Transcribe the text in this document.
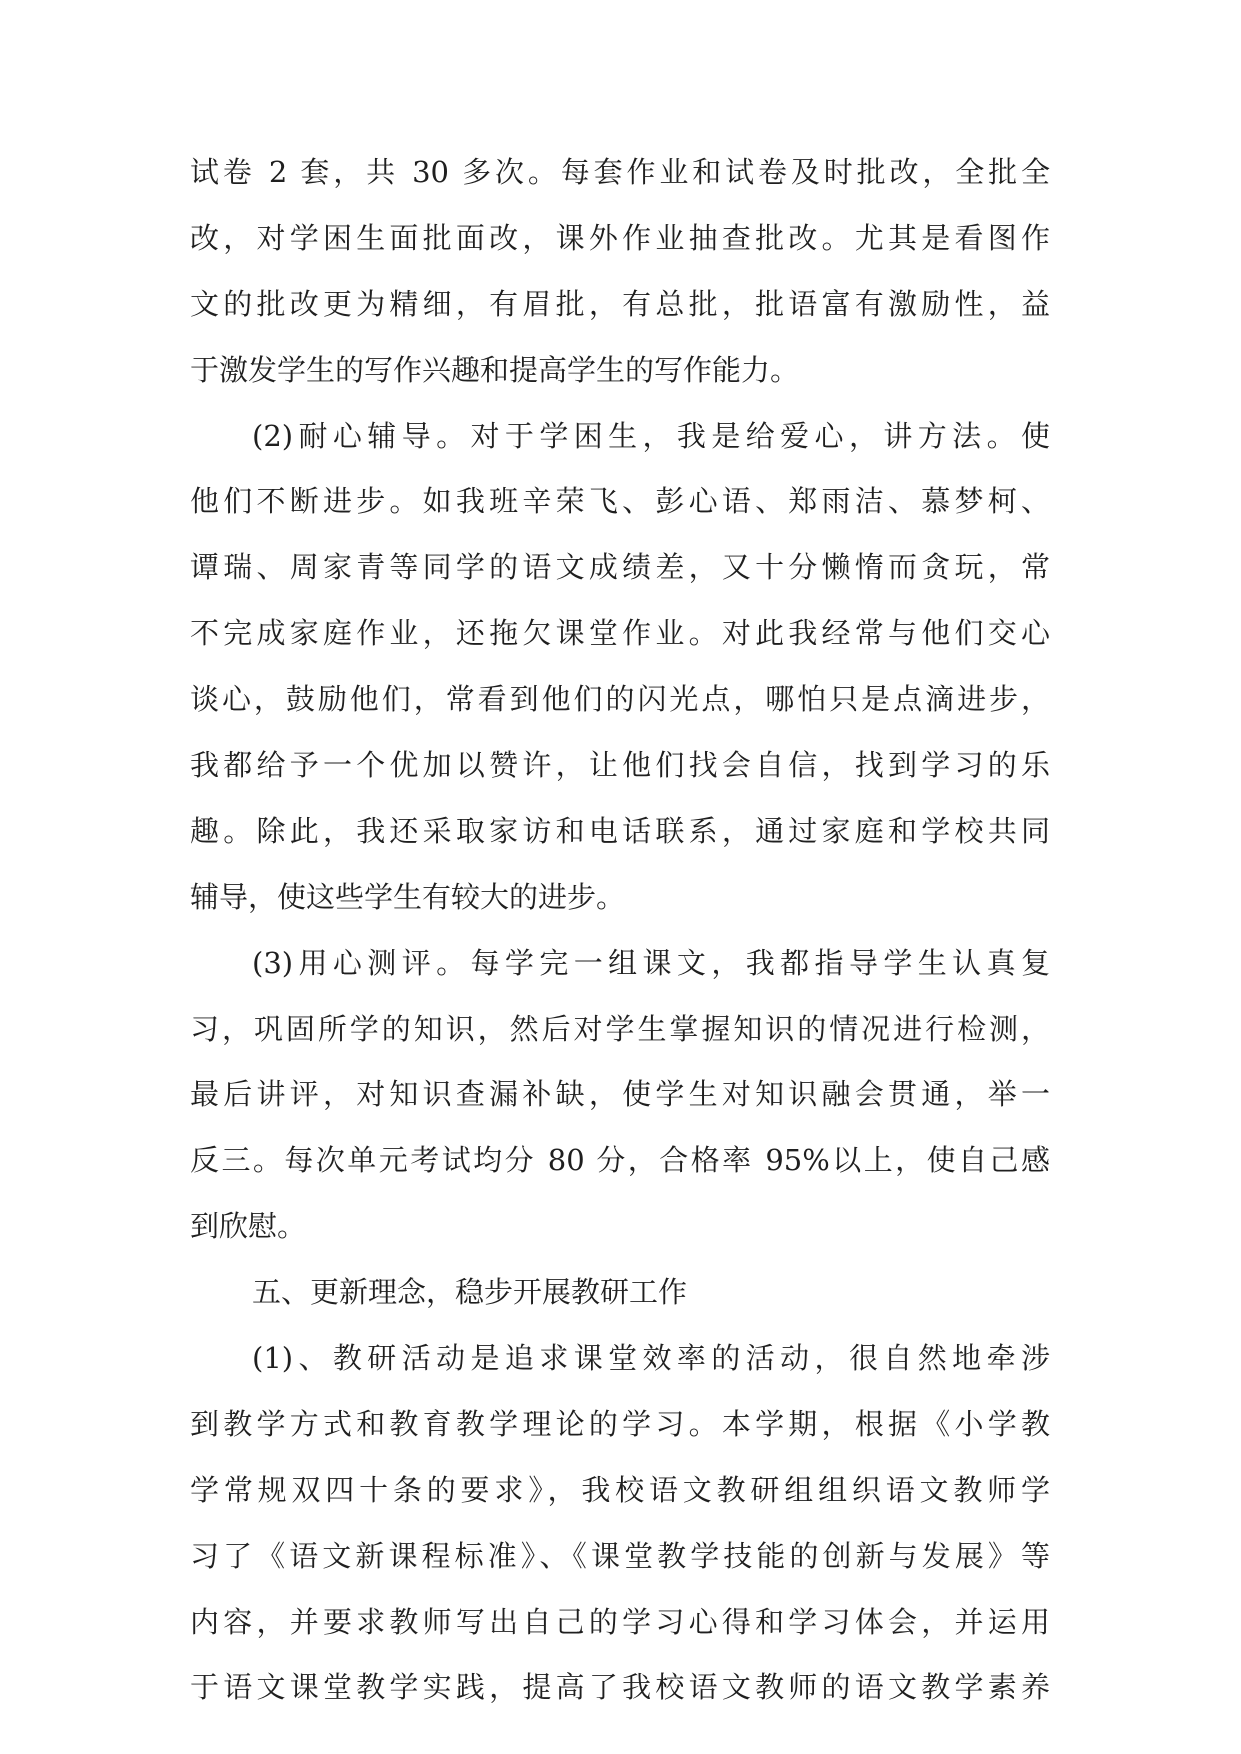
试卷 2 套，共 30 多次。每套作业和试卷及时批改，全批全
改，对学困生面批面改，课外作业抽查批改。尤其是看图作
文的批改更为精细，有眉批，有总批，批语富有激励性，益
于激发学生的写作兴趣和提高学生的写作能力。
(2)耐心辅导。对于学困生，我是给爱心，讲方法。使
他们不断进步。如我班辛荣飞、彭心语、郑雨洁、慕梦柯、
谭瑞、周家青等同学的语文成绩差，又十分懒惰而贪玩，常
不完成家庭作业，还拖欠课堂作业。对此我经常与他们交心
谈心，鼓励他们，常看到他们的闪光点，哪怕只是点滴进步，
我都给予一个优加以赞许，让他们找会自信，找到学习的乐
趣。除此，我还采取家访和电话联系，通过家庭和学校共同
辅导，使这些学生有较大的进步。
(3)用心测评。每学完一组课文，我都指导学生认真复
习，巩固所学的知识，然后对学生掌握知识的情况进行检测，
最后讲评，对知识查漏补缺，使学生对知识融会贯通，举一
反三。每次单元考试均分 80 分，合格率 95%以上，使自己感
到欣慰。
五、更新理念，稳步开展教研工作
(1)、教研活动是追求课堂效率的活动，很自然地牵涉
到教学方式和教育教学理论的学习。本学期，根据《小学教
学常规双四十条的要求》，我校语文教研组组织语文教师学
习了《语文新课程标准》、《课堂教学技能的创新与发展》等
内容，并要求教师写出自己的学习心得和学习体会，并运用
于语文课堂教学实践，提高了我校语文教师的语文教学素养
